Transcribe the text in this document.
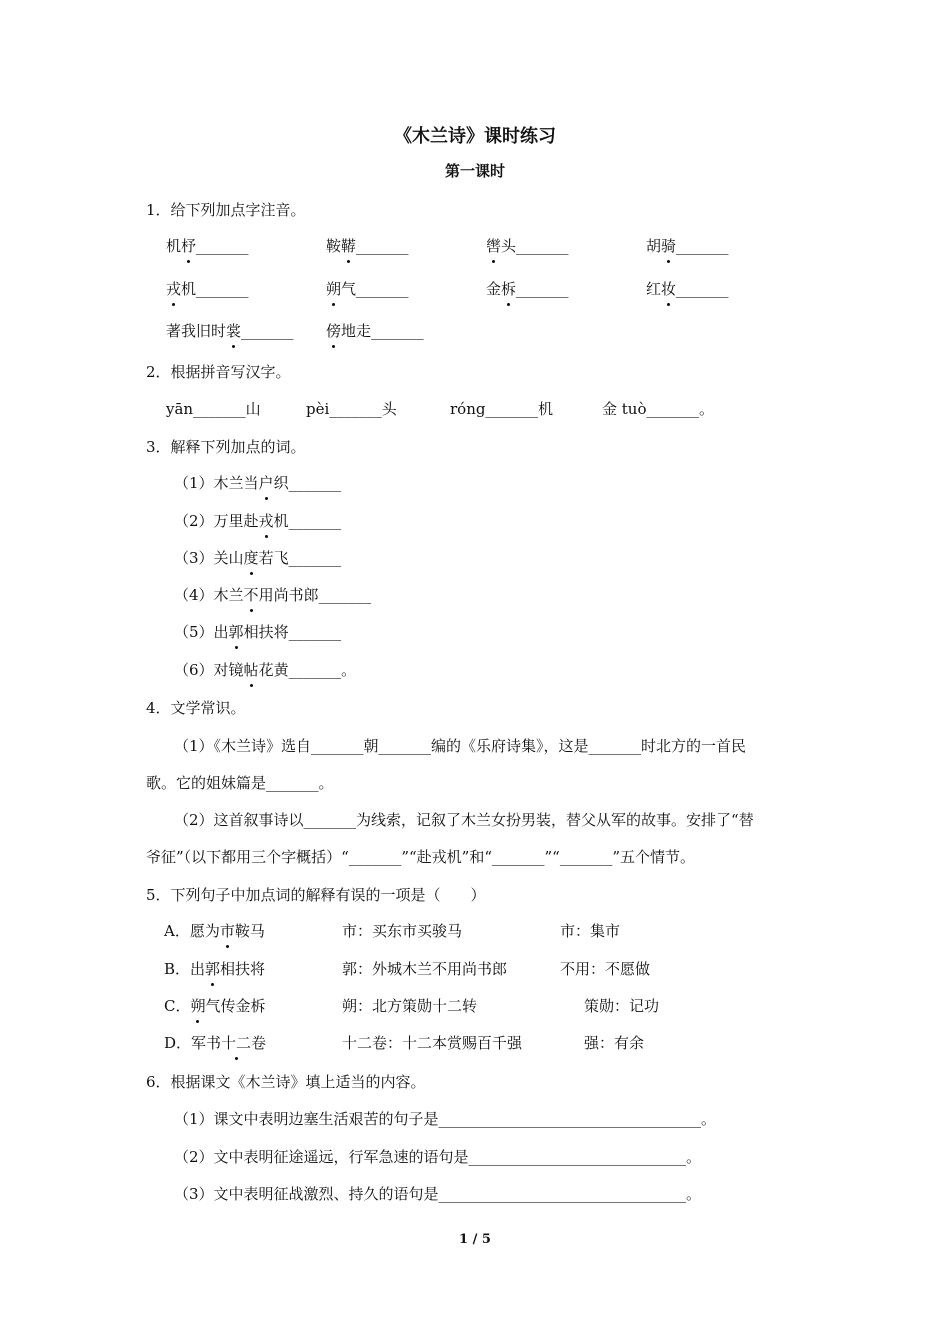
《木兰诗》课时练习
第一课时
1．给下列加点字注音。
机杼_______	鞍鞯_______	辔头_______	胡骑_______
戎机_______	朔气_______	金柝_______	红妆_______
著我旧时裳_______ 傍地走_______
2．根据拼音写汉字。
yān_______山	pèi_______头	róng_______机	金 tuò_______。
3．解释下列加点的词。
（1）木兰当户织_______
（2）万里赴戎机_______
（3）关山度若飞_______
（4）木兰不用尚书郎_______
（5）出郭相扶将_______
（6）对镜帖花黄_______。
4．文学常识。
（1）《木兰诗》选自_______朝_______编的《乐府诗集》，这是_______时北方的一首民
歌。它的姐妹篇是_______。
（2）这首叙事诗以_______为线索，记叙了木兰女扮男装，替父从军的故事。安排了“替
爷征”（以下都用三个字概括）“_______”“赴戎机”和“_______”“_______”五个情节。
5．下列句子中加点词的解释有误的一项是（　　）
A．愿为市鞍马	市：买东市买骏马	市：集市
B．出郭相扶将	郭：外城木兰不用尚书郎	不用：不愿做
C．朔气传金柝	朔：北方策勋十二转	策勋：记功
D．军书十二卷	十二卷：十二本赏赐百千强	强：有余
6．根据课文《木兰诗》填上适当的内容。
（1）课文中表明边塞生活艰苦的句子是___________________________________。
（2）文中表明征途遥远，行军急速的语句是_____________________________。
（3）文中表明征战激烈、持久的语句是_________________________________。
1 / 5
